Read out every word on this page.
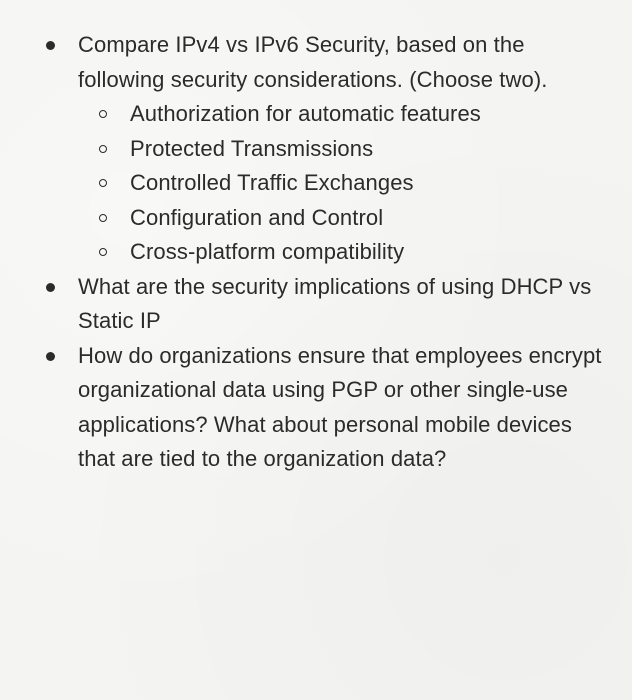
Compare IPv4 vs IPv6 Security, based on the following security considerations. (Choose two).
Authorization for automatic features
Protected Transmissions
Controlled Traffic Exchanges
Configuration and Control
Cross-platform compatibility
What are the security implications of using DHCP vs Static IP
How do organizations ensure that employees encrypt organizational data using PGP or other single-use applications? What about personal mobile devices that are tied to the organization data?
